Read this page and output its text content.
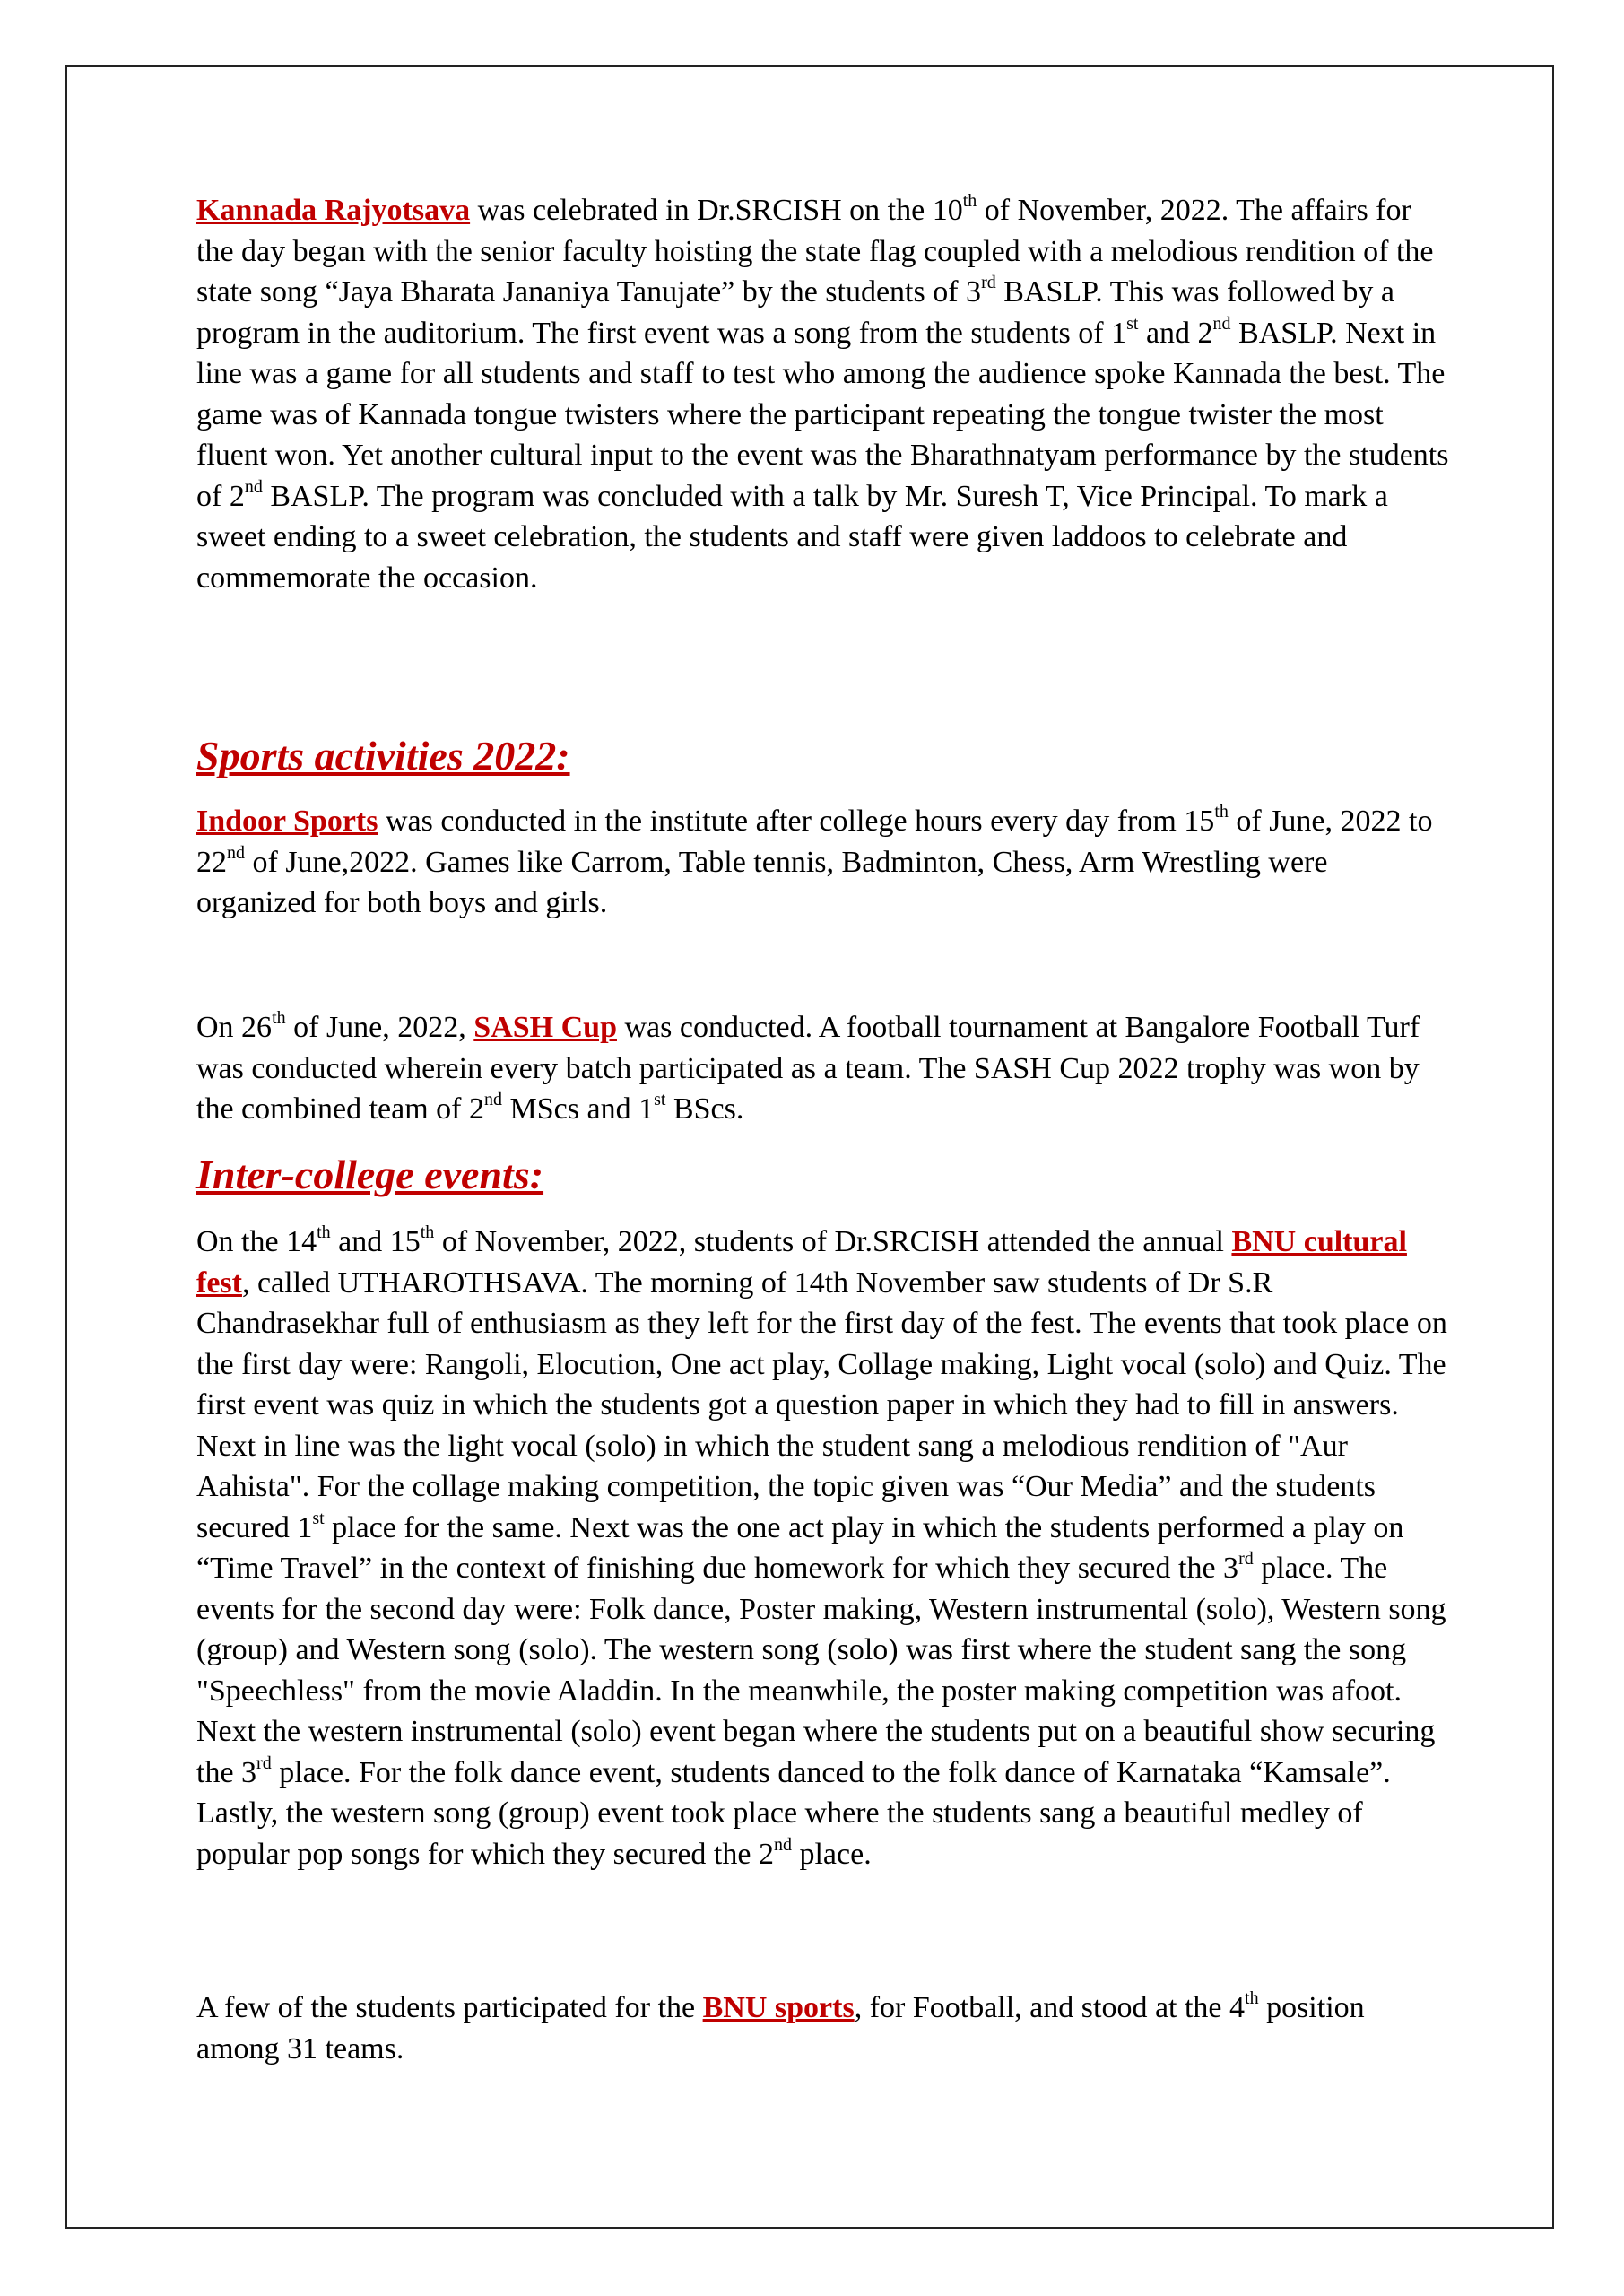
Kannada Rajyotsava was celebrated in Dr.SRCISH on the 10th of November, 2022. The affairs for the day began with the senior faculty hoisting the state flag coupled with a melodious rendition of the state song “Jaya Bharata Jananiya Tanujate” by the students of 3rd BASLP. This was followed by a program in the auditorium. The first event was a song from the students of 1st and 2nd BASLP. Next in line was a game for all students and staff to test who among the audience spoke Kannada the best. The game was of Kannada tongue twisters where the participant repeating the tongue twister the most fluent won. Yet another cultural input to the event was the Bharathnatyam performance by the students of 2nd BASLP. The program was concluded with a talk by Mr. Suresh T, Vice Principal. To mark a sweet ending to a sweet celebration, the students and staff were given laddoos to celebrate and commemorate the occasion.

Sports activities 2022:

Indoor Sports was conducted in the institute after college hours every day from 15th of June, 2022 to 22nd of June,2022. Games like Carrom, Table tennis, Badminton, Chess, Arm Wrestling were organized for both boys and girls.

On 26th of June, 2022, SASH Cup was conducted. A football tournament at Bangalore Football Turf was conducted wherein every batch participated as a team. The SASH Cup 2022 trophy was won by the combined team of 2nd MScs and 1st BScs.

Inter-college events:

On the 14th and 15th of November, 2022, students of Dr.SRCISH attended the annual BNU cultural fest, called UTHAROTHSAVA. The morning of 14th November saw students of Dr S.R Chandrasekhar full of enthusiasm as they left for the first day of the fest. The events that took place on the first day were: Rangoli, Elocution, One act play, Collage making, Light vocal (solo) and Quiz. The first event was quiz in which the students got a question paper in which they had to fill in answers. Next in line was the light vocal (solo) in which the student sang a melodious rendition of "Aur Aahista". For the collage making competition, the topic given was “Our Media” and the students secured 1st place for the same. Next was the one act play in which the students performed a play on “Time Travel” in the context of finishing due homework for which they secured the 3rd place. The events for the second day were: Folk dance, Poster making, Western instrumental (solo), Western song (group) and Western song (solo). The western song (solo) was first where the student sang the song "Speechless" from the movie Aladdin. In the meanwhile, the poster making competition was afoot. Next the western instrumental (solo) event began where the students put on a beautiful show securing the 3rd place. For the folk dance event, students danced to the folk dance of Karnataka “Kamsale”. Lastly, the western song (group) event took place where the students sang a beautiful medley of popular pop songs for which they secured the 2nd place.

A few of the students participated for the BNU sports, for Football, and stood at the 4th position among 31 teams.
